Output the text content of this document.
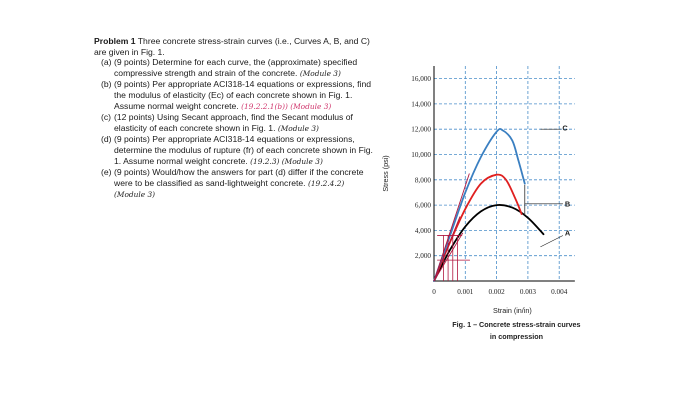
Problem 1 Three concrete stress-strain curves (i.e., Curves A, B, and C) are given in Fig. 1.

(a) (9 points) Determine for each curve, the (approximate) specified compressive strength and strain of the concrete. (Module 3)
(b) (9 points) Per appropriate ACI318-14 equations or expressions, find the modulus of elasticity (Ec) of each concrete shown in Fig. 1. Assume normal weight concrete. (19.2.2.1(b)) (Module 3)
(c) (12 points) Using Secant approach, find the Secant modulus of elasticity of each concrete shown in Fig. 1. (Module 3)
(d) (9 points) Per appropriate ACI318-14 equations or expressions, determine the modulus of rupture (fr) of each concrete shown in Fig. 1. Assume normal weight concrete. (19.2.3) (Module 3)
(e) (9 points) Would/how the answers for part (d) differ if the concrete were to be classified as sand-lightweight concrete. (19.2.4.2) (Module 3)
2,000
4,000
6,000
8,000
10,000
12,000
14,000
16,000
0	0.001 0.002 0.003 0.004
A
B
C
Stress (psi)
Strain (in/in)
Fig. 1 – Concrete stress-strain curves in compression
